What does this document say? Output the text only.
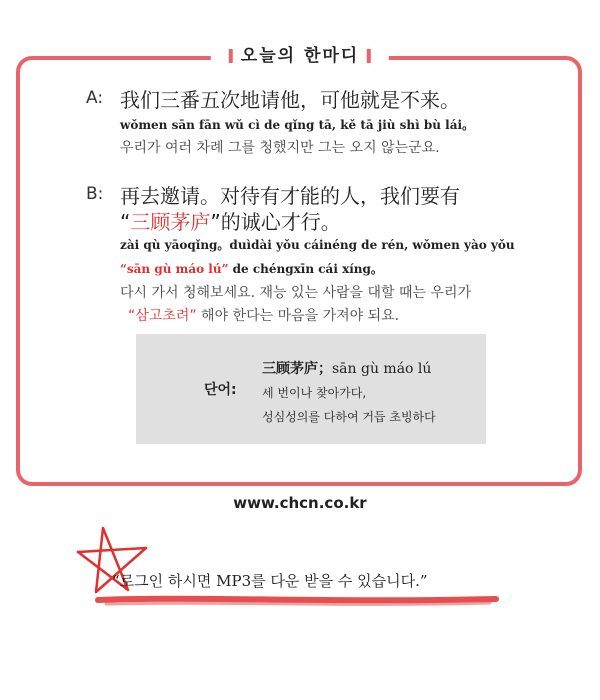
오늘의 한마디
A: 我们三番五次地请他，可他就是不来。
wǒmen sān fān wǔ cì de qǐng tā, kě tā jiù shì bù lái。
우리가 여러 차례 그를 청했지만 그는 오지 않는군요.
B: 再去邀请。对待有才能的人，我们要有
“三顾茅庐”的诚心才行。
zài qù yāoqǐng。duìdài yǒu cáinéng de rén, wǒmen yào yǒu
“sān gù máo lú” de chéngxīn cái xíng。
다시 가서 청해보세요. 재능 있는 사람을 대할 때는 우리가
“삼고초려” 해야 한다는 마음을 가져야 되요.
단어:
三顾茅庐；sān gù máo lú
세 번이나 찾아가다,
성심성의를 다하여 거듭 초빙하다
www.chcn.co.kr
“로그인 하시면 MP3를 다운 받을 수 있습니다.”
